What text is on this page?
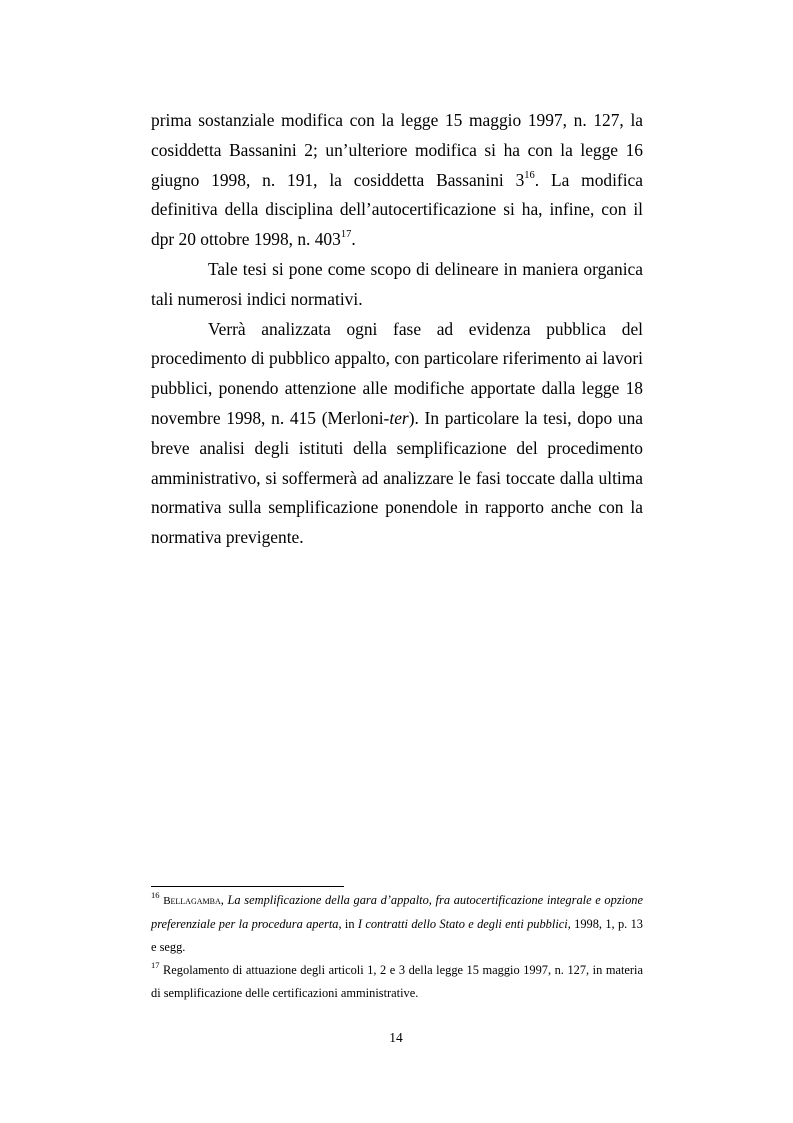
prima sostanziale modifica con la legge 15 maggio 1997, n. 127, la cosiddetta Bassanini 2; un’ulteriore modifica si ha con la legge 16 giugno 1998, n. 191, la cosiddetta Bassanini $3^{16}$. La modifica definitiva della disciplina dell’autocertificazione si ha, infine, con il dpr 20 ottobre 1998, n. $403^{17}$.

Tale tesi si pone come scopo di delineare in maniera organica tali numerosi indici normativi.

Verrà analizzata ogni fase ad evidenza pubblica del procedimento di pubblico appalto, con particolare riferimento ai lavori pubblici, ponendo attenzione alle modifiche apportate dalla legge 18 novembre 1998, n. 415 (Merloni-ter). In particolare la tesi, dopo una breve analisi degli istituti della semplificazione del procedimento amministrativo, si soffermerà ad analizzare le fasi toccate dalla ultima normativa sulla semplificazione ponendole in rapporto anche con la normativa previgente.

$^{16}$ Bellagamba, La semplificazione della gara d’appalto, fra autocertificazione integrale e opzione preferenziale per la procedura aperta, in I contratti dello Stato e degli enti pubblici, 1998, 1, p. 13 e segg.

$^{17}$ Regolamento di attuazione degli articoli 1, 2 e 3 della legge 15 maggio 1997, n. 127, in materia di semplificazione delle certificazioni amministrative.

14
